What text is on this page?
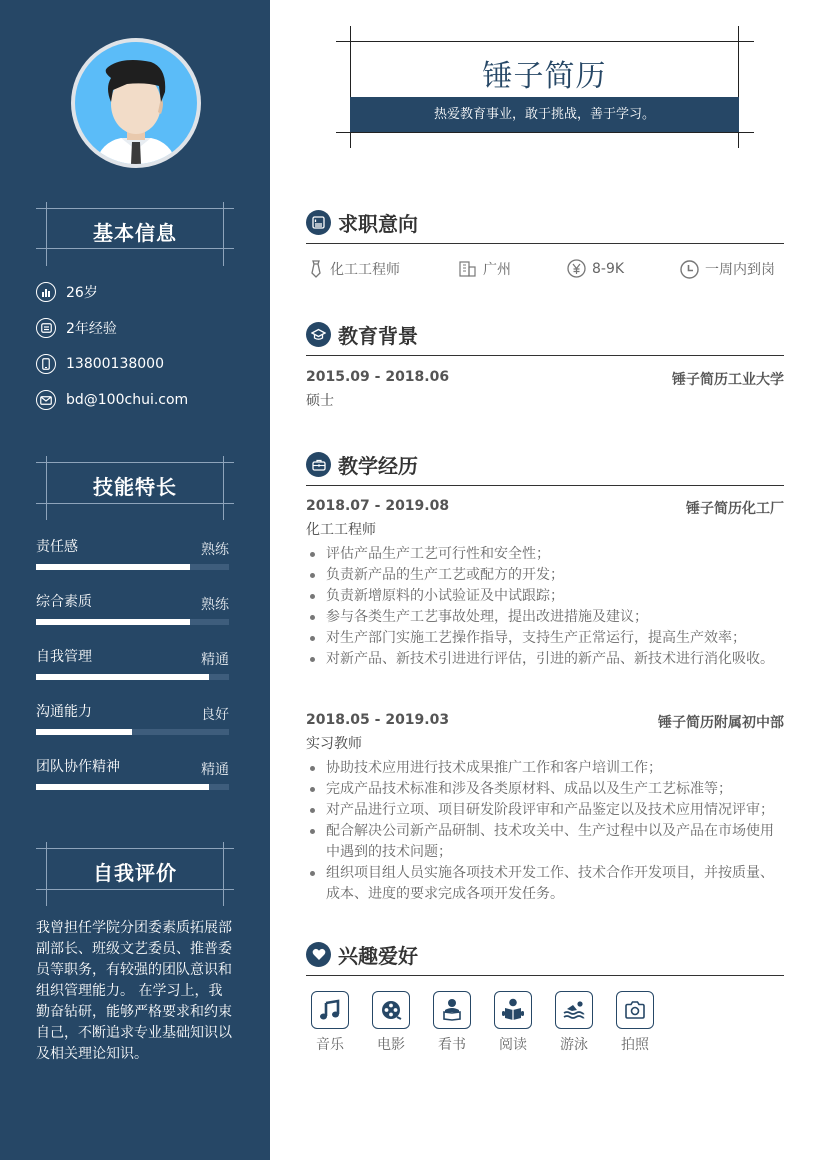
基本信息
26岁
2年经验
13800138000
bd@100chui.com
技能特长
责任感	熟练
综合素质	熟练
自我管理	精通
沟通能力	良好
团队协作精神	精通
自我评价
我曾担任学院分团委素质拓展部副部长、班级文艺委员、推普委员等职务，有较强的团队意识和组织管理能力。 在学习上，我勤奋钻研，能够严格要求和约束自己，不断追求专业基础知识以及相关理论知识。
锤子简历
热爱教育事业，敢于挑战，善于学习。
求职意向
化工工程师	广州	8-9K	一周内到岗
教育背景
2015.09 - 2018.06	锤子简历工业大学
硕士
教学经历
2018.07 - 2019.08	锤子简历化工厂
化工工程师
评估产品生产工艺可行性和安全性；
负责新产品的生产工艺或配方的开发；
负责新增原料的小试验证及中试跟踪；
参与各类生产工艺事故处理，提出改进措施及建议；
对生产部门实施工艺操作指导，支持生产正常运行，提高生产效率；
对新产品、新技术引进进行评估，引进的新产品、新技术进行消化吸收。
2018.05 - 2019.03	锤子简历附属初中部
实习教师
协助技术应用进行技术成果推广工作和客户培训工作；
完成产品技术标准和涉及各类原材料、成品以及生产工艺标准等；
对产品进行立项、项目研发阶段评审和产品鉴定以及技术应用情况评审；
配合解决公司新产品研制、技术攻关中、生产过程中以及产品在市场使用中遇到的技术问题；
组织项目组人员实施各项技术开发工作、技术合作开发项目，并按质量、成本、进度的要求完成各项开发任务。
兴趣爱好
音乐	电影	看书	阅读	游泳	拍照
